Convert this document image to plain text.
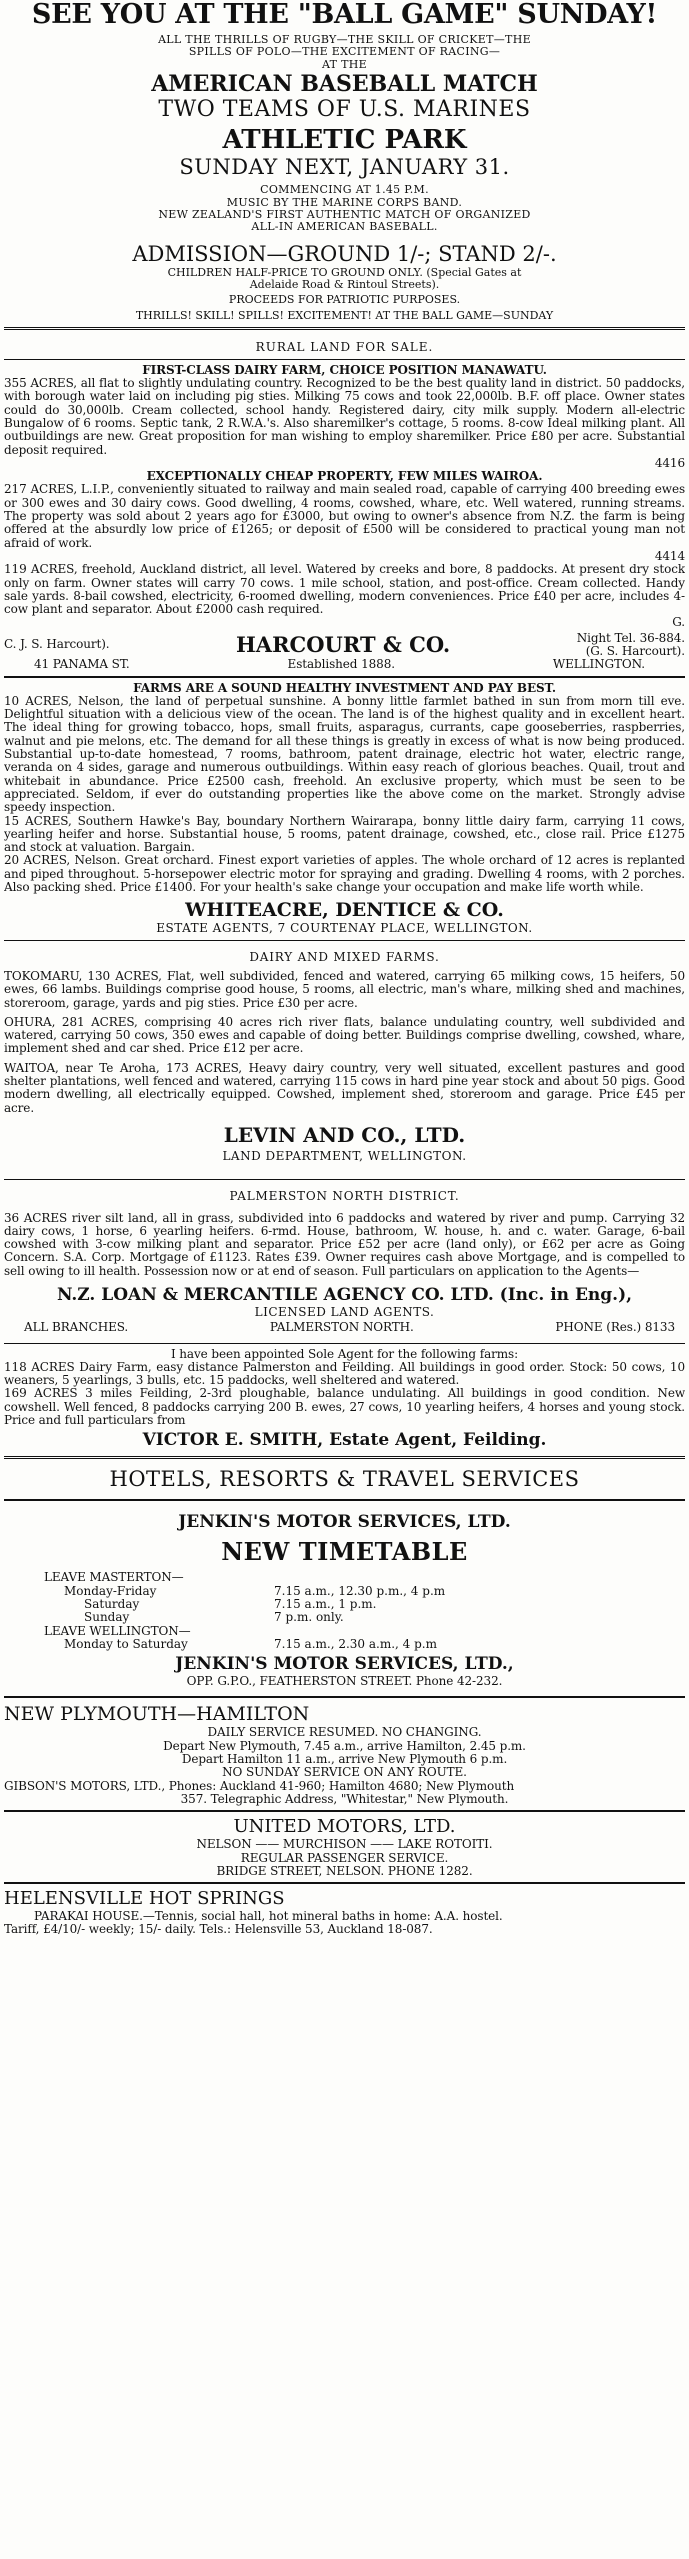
SEE YOU AT THE "BALL GAME" SUNDAY!
ALL THE THRILLS OF RUGBY—THE SKILL OF CRICKET—THE
SPILLS OF POLO—THE EXCITEMENT OF RACING—
AT THE
AMERICAN BASEBALL MATCH
TWO TEAMS OF U.S. MARINES
ATHLETIC PARK
SUNDAY NEXT, JANUARY 31.
COMMENCING AT 1.45 P.M.
MUSIC BY THE MARINE CORPS BAND.
NEW ZEALAND'S FIRST AUTHENTIC MATCH OF ORGANIZED
ALL-IN AMERICAN BASEBALL.
ADMISSION—GROUND 1/-; STAND 2/-.
CHILDREN HALF-PRICE TO GROUND ONLY. (Special Gates at
Adelaide Road & Rintoul Streets).
PROCEEDS FOR PATRIOTIC PURPOSES.
THRILLS! SKILL! SPILLS! EXCITEMENT! AT THE BALL GAME—SUNDAY
RURAL LAND FOR SALE.
FIRST-CLASS DAIRY FARM, CHOICE POSITION MANAWATU.

355 ACRES, all flat to slightly undulating country. Recognized to be the best quality land in district. 50 paddocks, with borough water laid on including pig sties. Milking 75 cows and took 22,000lb. B.F. off place. Owner states could do 30,000lb. Cream collected, school handy. Registered dairy, city milk supply. Modern all-electric Bungalow of 6 rooms. Septic tank, 2 R.W.A.'s. Also sharemilker's cottage, 5 rooms. 8-cow Ideal milking plant. All outbuildings are new. Great proposition for man wishing to employ sharemilker. Price £80 per acre. Substantial deposit required.

4416
EXCEPTIONALLY CHEAP PROPERTY, FEW MILES WAIROA.

217 ACRES, L.I.P., conveniently situated to railway and main sealed road, capable of carrying 400 breeding ewes or 300 ewes and 30 dairy cows. Good dwelling, 4 rooms, cowshed, whare, etc. Well watered, running streams. The property was sold about 2 years ago for £3000, but owing to owner's absence from N.Z. the farm is being offered at the absurdly low price of £1265; or deposit of £500 will be considered to practical young man not afraid of work.

4414

119 ACRES, freehold, Auckland district, all level. Watered by creeks and bore, 8 paddocks. At present dry stock only on farm. Owner states will carry 70 cows. 1 mile school, station, and post-office. Cream collected. Handy sale yards. 8-bail cowshed, electricity, 6-roomed dwelling, modern conveniences. Price £40 per acre, includes 4-cow plant and separator. About £2000 cash required.

G.
C. J. S. Harcourt).	HARCOURT & CO.	Night Tel. 36-884.
(G. S. Harcourt).
41 PANAMA ST.	Established 1888.	WELLINGTON.
FARMS ARE A SOUND HEALTHY INVESTMENT AND PAY BEST.

10 ACRES, Nelson, the land of perpetual sunshine. A bonny little farmlet bathed in sun from morn till eve. Delightful situation with a delicious view of the ocean. The land is of the highest quality and in excellent heart. The ideal thing for growing tobacco, hops, small fruits, asparagus, currants, cape gooseberries, raspberries, walnut and pie melons, etc. The demand for all these things is greatly in excess of what is now being produced. Substantial up-to-date homestead, 7 rooms, bathroom, patent drainage, electric hot water, electric range, veranda on 4 sides, garage and numerous outbuildings. Within easy reach of glorious beaches. Quail, trout and whitebait in abundance. Price £2500 cash, freehold. An exclusive property, which must be seen to be appreciated. Seldom, if ever do outstanding properties like the above come on the market. Strongly advise speedy inspection.

15 ACRES, Southern Hawke's Bay, boundary Northern Wairarapa, bonny little dairy farm, carrying 11 cows, yearling heifer and horse. Substantial house, 5 rooms, patent drainage, cowshed, etc., close rail. Price £1275 and stock at valuation. Bargain.

20 ACRES, Nelson. Great orchard. Finest export varieties of apples. The whole orchard of 12 acres is replanted and piped throughout. 5-horsepower electric motor for spraying and grading. Dwelling 4 rooms, with 2 porches. Also packing shed. Price £1400. For your health's sake change your occupation and make life worth while.

WHITEACRE, DENTICE & CO.
ESTATE AGENTS, 7 COURTENAY PLACE, WELLINGTON.
DAIRY AND MIXED FARMS.

TOKOMARU, 130 ACRES, Flat, well subdivided, fenced and watered, carrying 65 milking cows, 15 heifers, 50 ewes, 66 lambs. Buildings comprise good house, 5 rooms, all electric, man's whare, milking shed and machines, storeroom, garage, yards and pig sties. Price £30 per acre.

OHURA, 281 ACRES, comprising 40 acres rich river flats, balance undulating country, well subdivided and watered, carrying 50 cows, 350 ewes and capable of doing better. Buildings comprise dwelling, cowshed, whare, implement shed and car shed. Price £12 per acre.

WAITOA, near Te Aroha, 173 ACRES, Heavy dairy country, very well situated, excellent pastures and good shelter plantations, well fenced and watered, carrying 115 cows in hard pine year stock and about 50 pigs. Good modern dwelling, all electrically equipped. Cowshed, implement shed, storeroom and garage. Price £45 per acre.

LEVIN AND CO., LTD.
LAND DEPARTMENT, WELLINGTON.
PALMERSTON NORTH DISTRICT.

36 ACRES river silt land, all in grass, subdivided into 6 paddocks and watered by river and pump. Carrying 32 dairy cows, 1 horse, 6 yearling heifers. 6-rmd. House, bathroom, W. house, h. and c. water. Garage, 6-bail cowshed with 3-cow milking plant and separator. Price £52 per acre (land only), or £62 per acre as Going Concern. S.A. Corp. Mortgage of £1123. Rates £39. Owner requires cash above Mortgage, and is compelled to sell owing to ill health. Possession now or at end of season. Full particulars on application to the Agents—

N.Z. LOAN & MERCANTILE AGENCY CO. LTD. (Inc. in Eng.),
LICENSED LAND AGENTS.
ALL BRANCHES.	PALMERSTON NORTH.	PHONE (Res.) 8133
I have been appointed Sole Agent for the following farms:

118 ACRES Dairy Farm, easy distance Palmerston and Feilding. All buildings in good order. Stock: 50 cows, 10 weaners, 5 yearlings, 3 bulls, etc. 15 paddocks, well sheltered and watered.

169 ACRES 3 miles Feilding, 2-3rd ploughable, balance undulating. All buildings in good condition. New cowshell. Well fenced, 8 paddocks carrying 200 B. ewes, 27 cows, 10 yearling heifers, 4 horses and young stock. Price and full particulars from

VICTOR E. SMITH, Estate Agent, Feilding.
HOTELS, RESORTS & TRAVEL SERVICES
JENKIN'S MOTOR SERVICES, LTD.
NEW TIMETABLE
LEAVE MASTERTON—
Monday-Friday	7.15 a.m., 12.30 p.m., 4 p.m
Saturday	7.15 a.m., 1 p.m.
Sunday	7 p.m. only.
LEAVE WELLINGTON—
Monday to Saturday	7.15 a.m., 2.30 a.m., 4 p.m
JENKIN'S MOTOR SERVICES, LTD.,
OPP. G.P.O., FEATHERSTON STREET. Phone 42-232.
NEW PLYMOUTH—HAMILTON
DAILY SERVICE RESUMED. NO CHANGING.
Depart New Plymouth, 7.45 a.m., arrive Hamilton, 2.45 p.m.
Depart Hamilton 11 a.m., arrive New Plymouth 6 p.m.
NO SUNDAY SERVICE ON ANY ROUTE.
GIBSON'S MOTORS, LTD., Phones: Auckland 41-960; Hamilton 4680; New Plymouth
357. Telegraphic Address, "Whitestar," New Plymouth.
UNITED MOTORS, LTD.
NELSON —— MURCHISON —— LAKE ROTOITI.
REGULAR PASSENGER SERVICE.
BRIDGE STREET, NELSON. PHONE 1282.
HELENSVILLE HOT SPRINGS
PARAKAI HOUSE.—Tennis, social hall, hot mineral baths in home: A.A. hostel.
Tariff, £4/10/- weekly; 15/- daily. Tels.: Helensville 53, Auckland 18-087.
